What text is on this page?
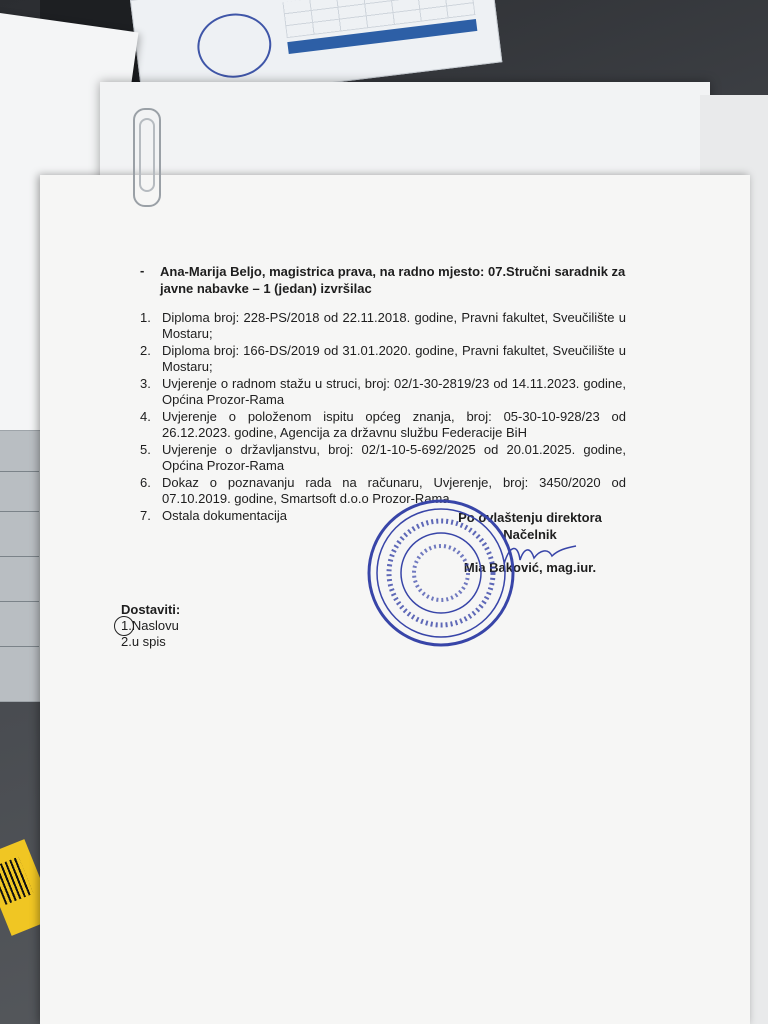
- Ana-Marija Beljo, magistrica prava, na radno mjesto: 07.Stručni saradnik za javne nabavke – 1 (jedan) izvršilac

1. Diploma broj: 228-PS/2018 od 22.11.2018. godine, Pravni fakultet, Sveučilište u Mostaru;
2. Diploma broj: 166-DS/2019 od 31.01.2020. godine, Pravni fakultet, Sveučilište u Mostaru;
3. Uvjerenje o radnom stažu u struci, broj: 02/1-30-2819/23 od 14.11.2023. godine, Općina Prozor-Rama
4. Uvjerenje o položenom ispitu općeg znanja, broj: 05-30-10-928/23 od 26.12.2023. godine, Agencija za državnu službu Federacije BiH
5. Uvjerenje o državljanstvu, broj: 02/1-10-5-692/2025 od 20.01.2025. godine, Općina Prozor-Rama
6. Dokaz o poznavanju rada na računaru, Uvjerenje, broj: 3450/2020 od 07.10.2019. godine, Smartsoft d.o.o Prozor-Rama
7. Ostala dokumentacija	Po ovlaštenju direktora
Načelnik
Mia Baković, mag.iur.
Dostaviti:
1.Naslovu
2.u spis
